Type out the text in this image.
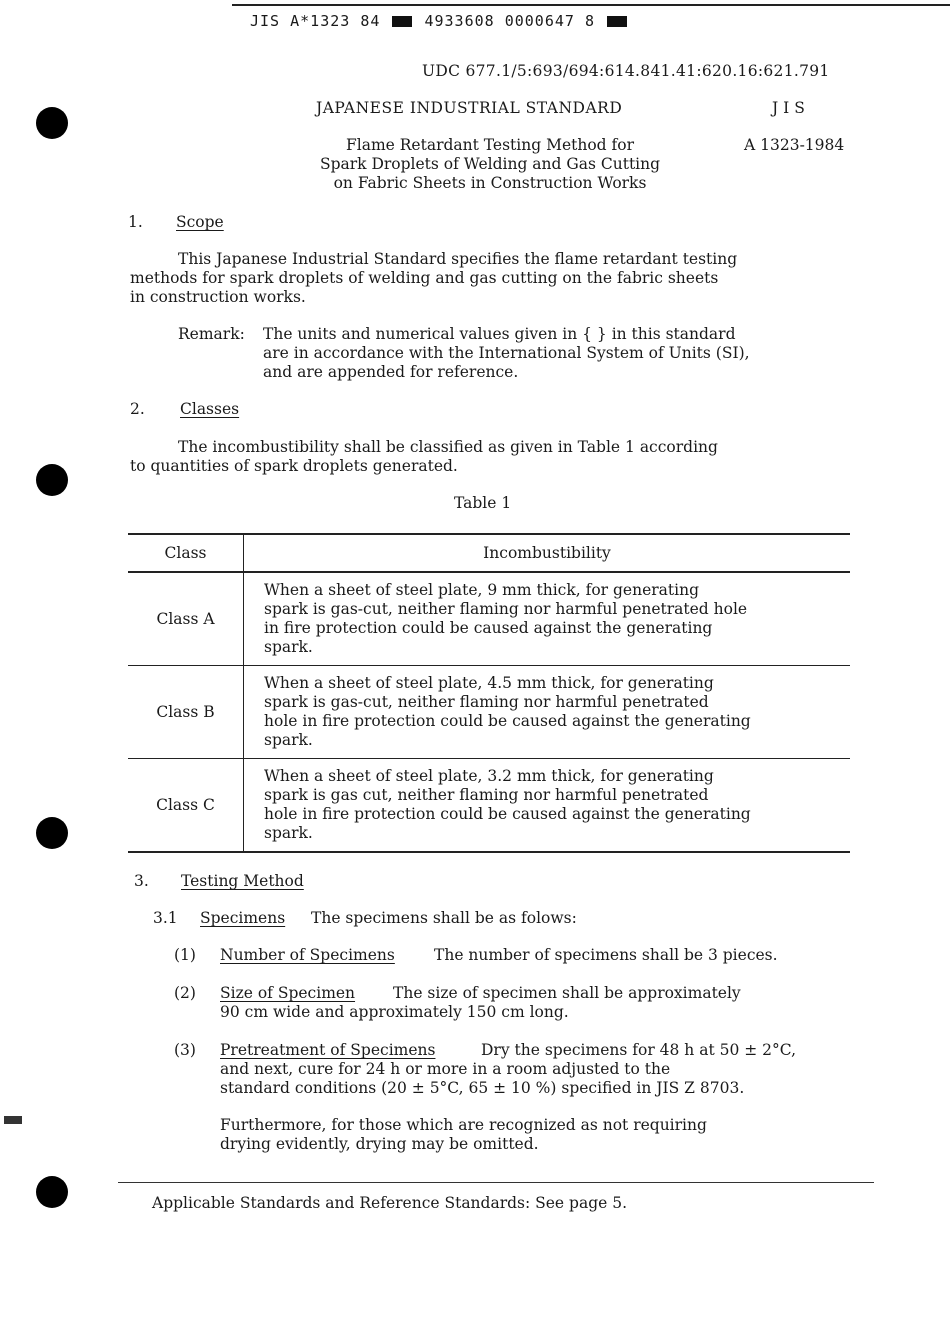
JIS A*1323 84	4933608 0000647 8
UDC 677.1/5:693/694:614.841.41:620.16:621.791
JAPANESE INDUSTRIAL STANDARD	J I S
Flame Retardant Testing Method for
Spark Droplets of Welding and Gas Cutting
on Fabric Sheets in Construction Works
A 1323-1984
1. Scope
This Japanese Industrial Standard specifies the flame retardant testing
methods for spark droplets of welding and gas cutting on the fabric sheets
in construction works.
Remark: The units and numerical values given in { } in this standard
are in accordance with the International System of Units (SI),
and are appended for reference.
2. Classes
The incombustibility shall be classified as given in Table 1 according
to quantities of spark droplets generated.
Table 1
Class	Incombustibility
Class A	When a sheet of steel plate, 9 mm thick, for generating
spark is gas-cut, neither flaming nor harmful penetrated hole
in fire protection could be caused against the generating
spark.

Class B	When a sheet of steel plate, 4.5 mm thick, for generating
spark is gas-cut, neither flaming nor harmful penetrated
hole in fire protection could be caused against the generating
spark.

Class C	When a sheet of steel plate, 3.2 mm thick, for generating
spark is gas cut, neither flaming nor harmful penetrated
hole in fire protection could be caused against the generating
spark.
3. Testing Method
3.1 Specimens The specimens shall be as folows:
(1) Number of Specimens	The number of specimens shall be 3 pieces.
(2) Size of Specimen The size of specimen shall be approximately
90 cm wide and approximately 150 cm long.
(3) Pretreatment of Specimens	Dry the specimens for 48 h at 50 ± 2°C,
and next, cure for 24 h or more in a room adjusted to the
standard conditions (20 ± 5°C, 65 ± 10 %) specified in JIS Z 8703.
Furthermore, for those which are recognized as not requiring
drying evidently, drying may be omitted.
Applicable Standards and Reference Standards: See page 5.
